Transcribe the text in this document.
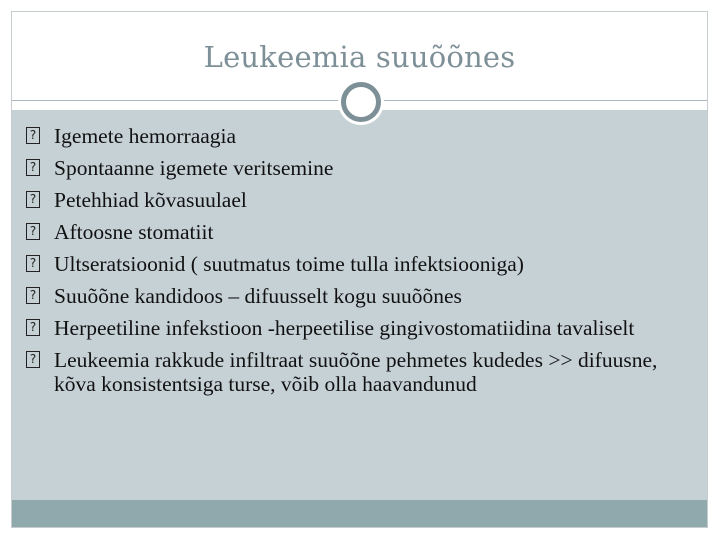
Leukeemia suuõõnes
? Igemete hemorraagia
? Spontaanne igemete veritsemine
? Petehhiad kõvasuulael
? Aftoosne stomatiit
? Ultseratsioonid ( suutmatus toime tulla infektsiooniga)
? Suuõõne kandidoos – difuusselt kogu suuõõnes
? Herpeetiline infekstioon -herpeetilise gingivostomatiidina tavaliselt
? Leukeemia rakkude infiltraat suuõõne pehmetes kudedes >> difuusne, kõva konsistentsiga turse, võib olla haavandunud
